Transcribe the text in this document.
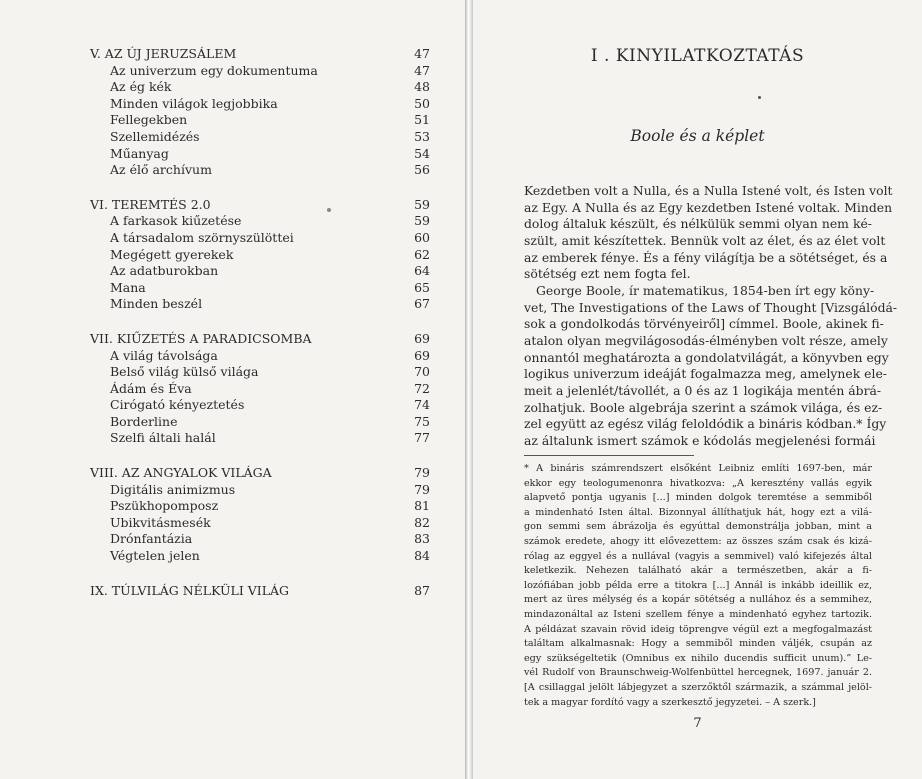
V. AZ ÚJ JERUZSÁLEM	47
Az univerzum egy dokumentuma	47
Az ég kék	48
Minden világok legjobbika	50
Fellegekben	51
Szellemidézés	53
Műanyag	54
Az élő archívum	56
VI. TEREMTÉS 2.0	59
A farkasok kiűzetése	59
A társadalom szörnyszülöttei	60
Megégett gyerekek	62
Az adatburokban	64
Mana	65
Minden beszél	67
VII. KIŰZETÉS A PARADICSOMBA	69
A világ távolsága	69
Belső világ külső világa	70
Ádám és Éva	72
Cirógató kényeztetés	74
Borderline	75
Szelfi általi halál	77
VIII. AZ ANGYALOK VILÁGA	79
Digitális animizmus	79
Pszükhopomposz	81
Ubikvitásmesék	82
Drónfantázia	83
Végtelen jelen	84
IX. TÚLVILÁG NÉLKÜLI VILÁG	87
I . KINYILATKOZTATÁS
Boole és a képlet
Kezdetben volt a Nulla, és a Nulla Istené volt, és Isten volt
az Egy. A Nulla és az Egy kezdetben Istené voltak. Minden
dolog általuk készült, és nélkülük semmi olyan nem ké-
szült, amit készítettek. Bennük volt az élet, és az élet volt
az emberek fénye. És a fény világítja be a sötétséget, és a
sötétség ezt nem fogta fel.
George Boole, ír matematikus, 1854-ben írt egy köny-
vet, The Investigations of the Laws of Thought [Vizsgálódá-
sok a gondolkodás törvényeiről] címmel. Boole, akinek fi-
atalon olyan megvilágosodás-élményben volt része, amely
onnantól meghatározta a gondolatvilágát, a könyvben egy
logikus univerzum ideáját fogalmazza meg, amelynek ele-
meit a jelenlét/távollét, a 0 és az 1 logikája mentén ábrá-
zolhatjuk. Boole algebrája szerint a számok világa, és ez-
zel együtt az egész világ feloldódik a bináris kódban.* Így
az általunk ismert számok e kódolás megjelenési formái
* A bináris számrendszert elsőként Leibniz említi 1697-ben, már
ekkor egy teologumenonra hivatkozva: „A keresztény vallás egyik
alapvető pontja ugyanis [...] minden dolgok teremtése a semmiből
a mindenható Isten által. Bizonnyal állíthatjuk hát, hogy ezt a vilá-
gon semmi sem ábrázolja és egyúttal demonstrálja jobban, mint a
számok eredete, ahogy itt elővezettem: az összes szám csak és kizá-
rólag az eggyel és a nullával (vagyis a semmivel) való kifejezés által
keletkezik. Nehezen található akár a természetben, akár a fi-
lozófiában jobb példa erre a titokra [...] Annál is inkább ideillik ez,
mert az üres mélység és a kopár sötétség a nullához és a semmihez,
mindazonáltal az Isteni szellem fénye a mindenható egyhez tartozik.
A példázat szavain rövid ideig töprengve végül ezt a megfogalmazást
találtam alkalmasnak: Hogy a semmiből minden váljék, csupán az
egy szükségeltetik (Omnibus ex nihilo ducendis sufficit unum).” Le-
vél Rudolf von Braunschweig-Wolfenbüttel hercegnek, 1697. január 2.
[A csillaggal jelölt lábjegyzet a szerzőktől származik, a számmal jelöl-
tek a magyar fordító vagy a szerkesztő jegyzetei. – A szerk.]
7
